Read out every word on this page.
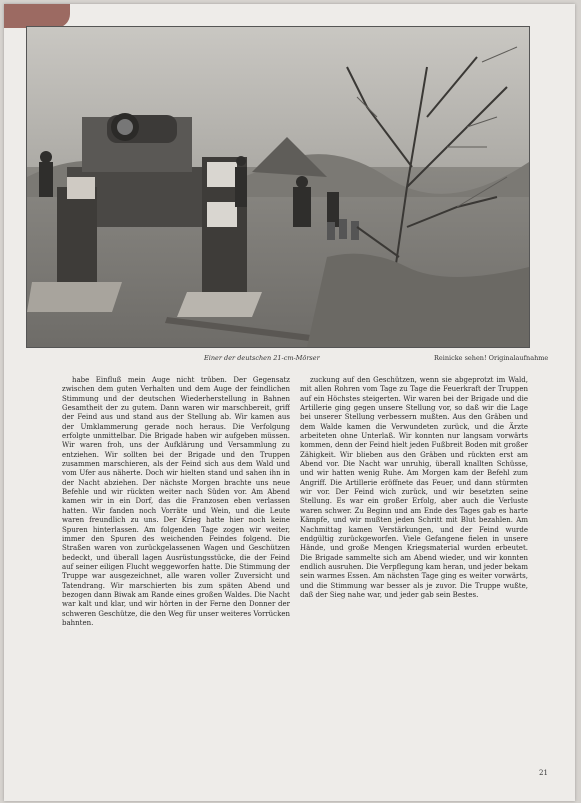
Einer der deutschen 21-cm-Mörser	Reinicke sehen! Originalaufnahme

habe Einfluß mein Auge nicht trüben. Der Gegensatz zwischen dem guten Verhalten und dem Auge der feindlichen Stimmung und der deutschen Wiederherstellung in Bahnen Gesamtheit der zu gutem. Dann waren wir marschbereit, griff der Feind aus und stand aus der Stellung ab. Wir kamen aus der Umklammerung gerade noch heraus. Die Verfolgung erfolgte unmittelbar. Die Brigade haben wir aufgeben müssen. Wir waren froh, uns der Aufklärung und Versammlung zu entziehen. Wir sollten bei der Brigade und den Truppen zusammen marschieren, als der Feind sich aus dem Wald und vom Ufer aus näherte. Doch wir hielten stand und sahen ihn in der Nacht abziehen. Der nächste Morgen brachte uns neue Befehle und wir rückten weiter nach Süden vor. Am Abend kamen wir in ein Dorf, das die Franzosen eben verlassen hatten. Wir fanden noch Vorräte und Wein, und die Leute waren freundlich zu uns. Der Krieg hatte hier noch keine Spuren hinterlassen. Am folgenden Tage zogen wir weiter, immer den Spuren des weichenden Feindes folgend. Die Straßen waren von zurückgelassenen Wagen und Geschützen bedeckt, und überall lagen Ausrüstungsstücke, die der Feind auf seiner eiligen Flucht weggeworfen hatte. Die Stimmung der Truppe war ausgezeichnet, alle waren voller Zuversicht und Tatendrang. Wir marschierten bis zum späten Abend und bezogen dann Biwak am Rande eines großen Waldes. Die Nacht war kalt und klar, und wir hörten in der Ferne den Donner der schweren Geschütze, die den Weg für unser weiteres Vorrücken bahnten.

zuckung auf den Geschützen, wenn sie abgeprotzt im Wald, mit allen Rohren vom Tage zu Tage die Feuerkraft der Truppen auf ein Höchstes steigerten. Wir waren bei der Brigade und die Artillerie ging gegen unsere Stellung vor, so daß wir die Lage bei unserer Stellung verbessern mußten. Aus den Gräben und dem Walde kamen die Verwundeten zurück, und die Ärzte arbeiteten ohne Unterlaß. Wir konnten nur langsam vorwärts kommen, denn der Feind hielt jeden Fußbreit Boden mit großer Zähigkeit. Wir blieben aus den Gräben und rückten erst am Abend vor. Die Nacht war unruhig, überall knallten Schüsse, und wir hatten wenig Ruhe. Am Morgen kam der Befehl zum Angriff. Die Artillerie eröffnete das Feuer, und dann stürmten wir vor. Der Feind wich zurück, und wir besetzten seine Stellung. Es war ein großer Erfolg, aber auch die Verluste waren schwer. Zu Beginn und am Ende des Tages gab es harte Kämpfe, und wir mußten jeden Schritt mit Blut bezahlen. Am Nachmittag kamen Verstärkungen, und der Feind wurde endgültig zurückgeworfen. Viele Gefangene fielen in unsere Hände, und große Mengen Kriegsmaterial wurden erbeutet. Die Brigade sammelte sich am Abend wieder, und wir konnten endlich ausruhen. Die Verpflegung kam heran, und jeder bekam sein warmes Essen. Am nächsten Tage ging es weiter vorwärts, und die Stimmung war besser als je zuvor. Die Truppe wußte, daß der Sieg nahe war, und jeder gab sein Bestes.

21
